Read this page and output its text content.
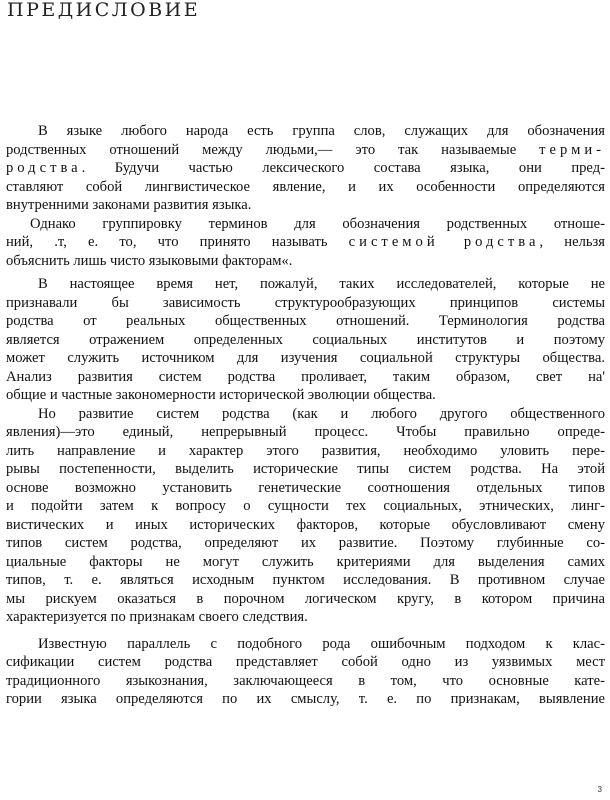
ПРЕДИСЛОВИЕ
В языке любого народа есть группа слов, служащих для обозначения
родственных отношений между людьми,— это так называемые терми-
родства. Будучи частью лексического состава языка, они пред-
ставляют собой лингвистическое явление, и их особенности определяются
внутренними законами развития языка.
Однако группировку терминов для обозначения родственных отноше-
ний, .т, е. то, что принято называть системой родства, нельзя
объяснить лишь чисто языковыми факторам«.
В настоящее время нет, пожалуй, таких исследователей, которые не
признавали бы зависимость структурообразующих принципов системы
родства от реальных общественных отношений. Терминология родства
является отражением определенных социальных институтов и поэтому
может служить источником для изучения социальной структуры общества.
Анализ развития систем родства проливает, таким образом, свет на'
общие и частные закономерности исторической эволюции общества.
Но развитие систем родства (как и любого другого общественного
явления)—это единый, непрерывный процесс. Чтобы правильно опреде-
лить направление и характер этого развития, необходимо уловить пере-
рывы постепенности, выделить исторические типы систем родства. На этой
основе возможно установить генетические соотношения отдельных типов
и подойти затем к вопросу о сущности тех социальных, этнических, линг-
вистических и иных исторических факторов, которые обусловливают смену
типов систем родства, определяют их развитие. Поэтому глубинные со-
циальные факторы не могут служить критериями для выделения самих
типов, т. е. являться исходным пунктом исследования. В противном случае
мы рискуем оказаться в порочном логическом кругу, в котором причина
характеризуется по признакам своего следствия.
Известную параллель с подобного рода ошибочным подходом к клас-
сификации систем родства представляет собой одно из уязвимых мест
традиционного языкознания, заключающееся в том, что основные кате-
гории языка определяются по их смыслу, т. е. по признакам, выявление
3
